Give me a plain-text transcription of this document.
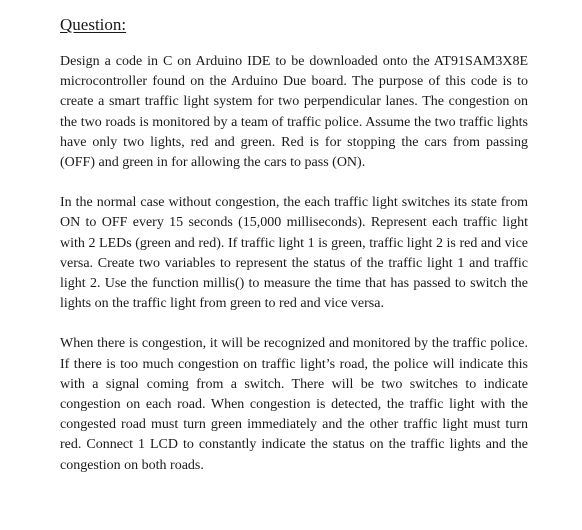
Question:

Design a code in C on Arduino IDE to be downloaded onto the AT91SAM3X8E microcontroller found on the Arduino Due board. The purpose of this code is to create a smart traffic light system for two perpendicular lanes. The congestion on the two roads is monitored by a team of traffic police. Assume the two traffic lights have only two lights, red and green. Red is for stopping the cars from passing (OFF) and green in for allowing the cars to pass (ON).

In the normal case without congestion, the each traffic light switches its state from ON to OFF every 15 seconds (15,000 milliseconds). Represent each traffic light with 2 LEDs (green and red). If traffic light 1 is green, traffic light 2 is red and vice versa. Create two variables to represent the status of the traffic light 1 and traffic light 2. Use the function millis() to measure the time that has passed to switch the lights on the traffic light from green to red and vice versa.

When there is congestion, it will be recognized and monitored by the traffic police. If there is too much congestion on traffic light’s road, the police will indicate this with a signal coming from a switch. There will be two switches to indicate congestion on each road. When congestion is detected, the traffic light with the congested road must turn green immediately and the other traffic light must turn red. Connect 1 LCD to constantly indicate the status on the traffic lights and the congestion on both roads.
